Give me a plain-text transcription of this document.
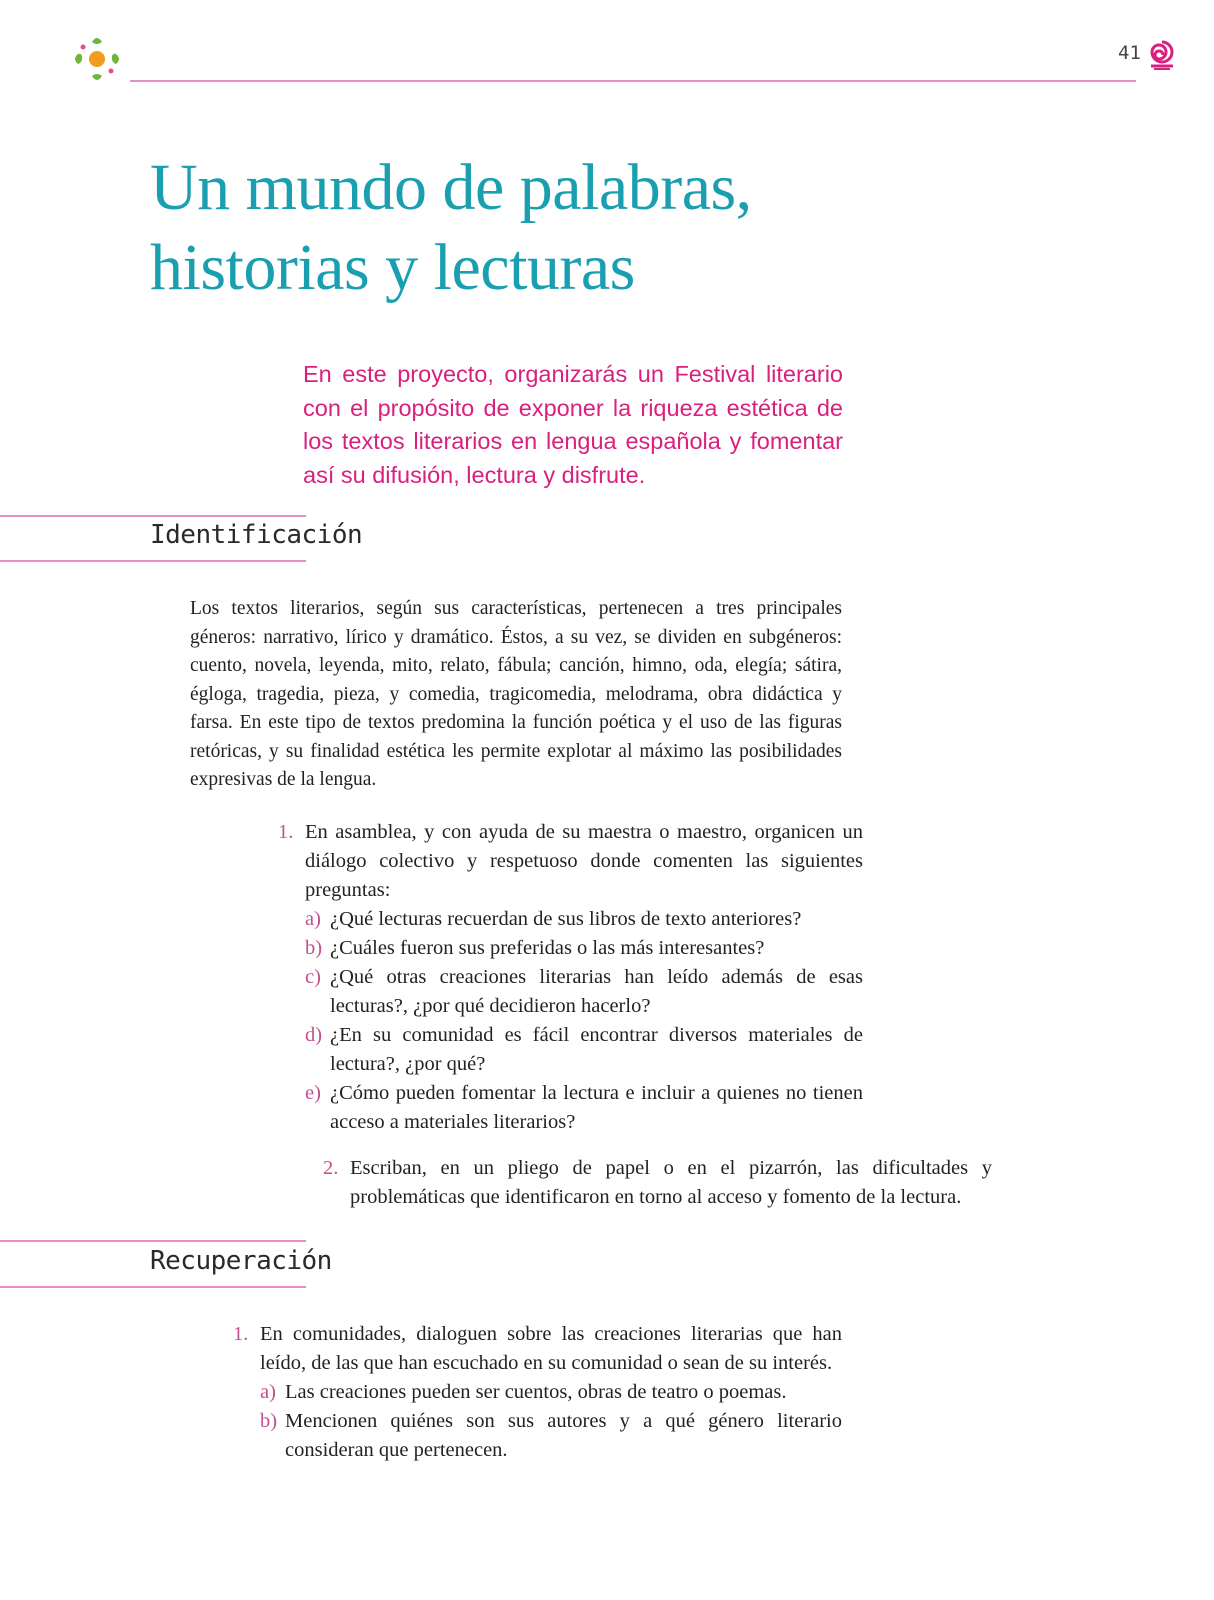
41
Un mundo de palabras,
historias y lecturas

En este proyecto, organizarás un Festival literario con el propósito de exponer la riqueza estética de los textos literarios en lengua española y fomentar así su difusión, lectura y disfrute.

Identificación

Los textos literarios, según sus características, pertenecen a tres principales géneros: narrativo, lírico y dramático. Éstos, a su vez, se dividen en subgéneros: cuento, novela, leyenda, mito, relato, fábula; canción, himno, oda, elegía; sátira, égloga, tragedia, pieza, y comedia, tragicomedia, melodrama, obra didáctica y farsa. En este tipo de textos predomina la función poética y el uso de las figuras retóricas, y su finalidad estética les permite explotar al máximo las posibilidades expresivas de la lengua.

1. En asamblea, y con ayuda de su maestra o maestro, organicen un diálogo colectivo y respetuoso donde comenten las siguientes preguntas:
a) ¿Qué lecturas recuerdan de sus libros de texto anteriores?
b) ¿Cuáles fueron sus preferidas o las más interesantes?
c) ¿Qué otras creaciones literarias han leído además de esas lecturas?, ¿por qué decidieron hacerlo?
d) ¿En su comunidad es fácil encontrar diversos materiales de lectura?, ¿por qué?
e) ¿Cómo pueden fomentar la lectura e incluir a quienes no tienen acceso a materiales literarios?
2. Escriban, en un pliego de papel o en el pizarrón, las dificultades y problemáticas que identificaron en torno al acceso y fomento de la lectura.
Recuperación
1. En comunidades, dialoguen sobre las creaciones literarias que han leído, de las que han escuchado en su comunidad o sean de su interés.
a) Las creaciones pueden ser cuentos, obras de teatro o poemas.
b) Mencionen quiénes son sus autores y a qué género literario consideran que pertenecen.
